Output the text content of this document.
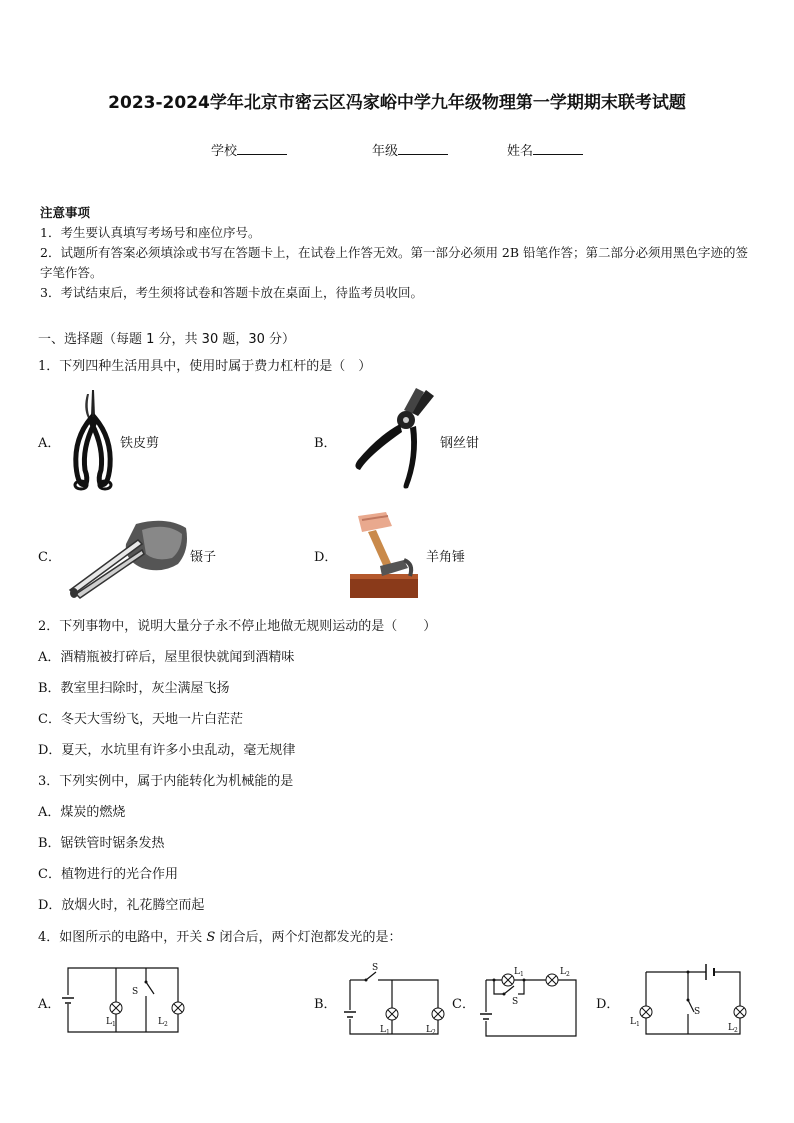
2023-2024学年北京市密云区冯家峪中学九年级物理第一学期期末联考试题
学校	年级	姓名

注意事项

1．考生要认真填写考场号和座位序号。

2．试题所有答案必须填涂或书写在答题卡上，在试卷上作答无效。第一部分必须用 2B 铅笔作答；第二部分必须用黑色字迹的签字笔作答。

3．考试结束后，考生须将试卷和答题卡放在桌面上，待监考员收回。

一、选择题（每题 1 分，共 30 题，30 分）
1．下列四种生活用具中，使用时属于费力杠杆的是（　）
A．	铁皮剪	B．	钢丝钳
C．	镊子	D．	羊角锤
2．下列事物中，说明大量分子永不停止地做无规则运动的是（　　）
A．酒精瓶被打碎后，屋里很快就闻到酒精味
B．教室里扫除时，灰尘满屋飞扬
C．冬天大雪纷飞，天地一片白茫茫
D．夏天，水坑里有许多小虫乱动，毫无规律
3．下列实例中，属于内能转化为机械能的是
A．煤炭的燃烧
B．锯铁管时锯条发热
C．植物进行的光合作用
D．放烟火时，礼花腾空而起
4．如图所示的电路中，开关 S 闭合后，两个灯泡都发光的是：
A．
S
L 1	L 2
B．
S
L 1	L 2
C．	S
L 1	L 2
D．	S
L 1	L 2
